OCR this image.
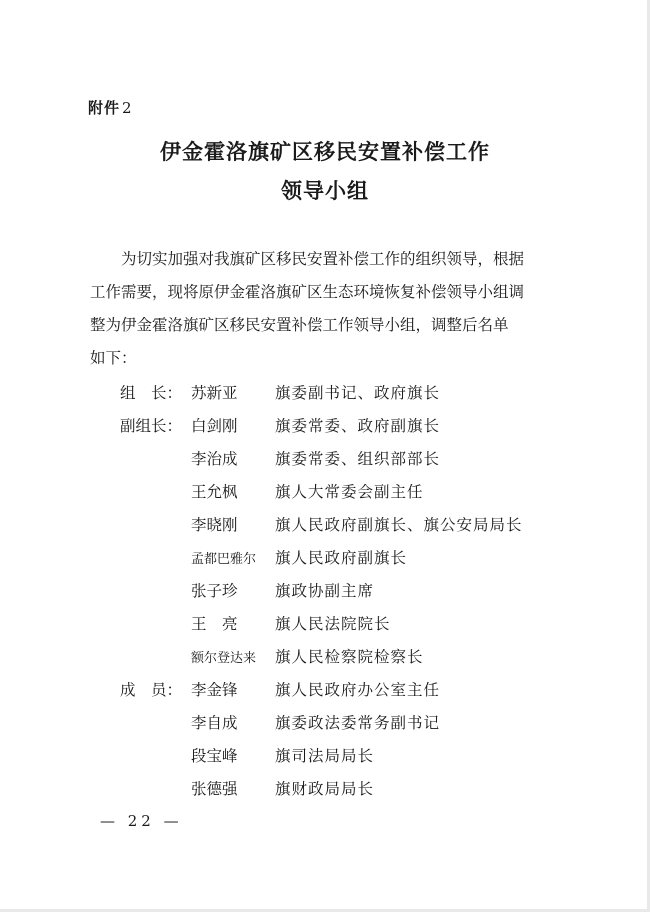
附件 2
伊金霍洛旗矿区移民安置补偿工作
领导小组
　　为切实加强对我旗矿区移民安置补偿工作的组织领导，根据
工作需要，现将原伊金霍洛旗矿区生态环境恢复补偿领导小组调
整为伊金霍洛旗矿区移民安置补偿工作领导小组，调整后名单
如下：
组　长： 苏新亚 旗委副书记、政府旗长
副组长： 白剑刚 旗委常委、政府副旗长
李治成 旗委常委、组织部部长
王允枫 旗人大常委会副主任
李晓刚 旗人民政府副旗长、旗公安局局长
孟都巴雅尔 旗人民政府副旗长
张子珍 旗政协副主席
王　亮 旗人民法院院长
额尔登达来 旗人民检察院检察长
成　员： 李金锋 旗人民政府办公室主任
李自成 旗委政法委常务副书记
段宝峰 旗司法局局长
张德强 旗财政局局长
— 22 —
